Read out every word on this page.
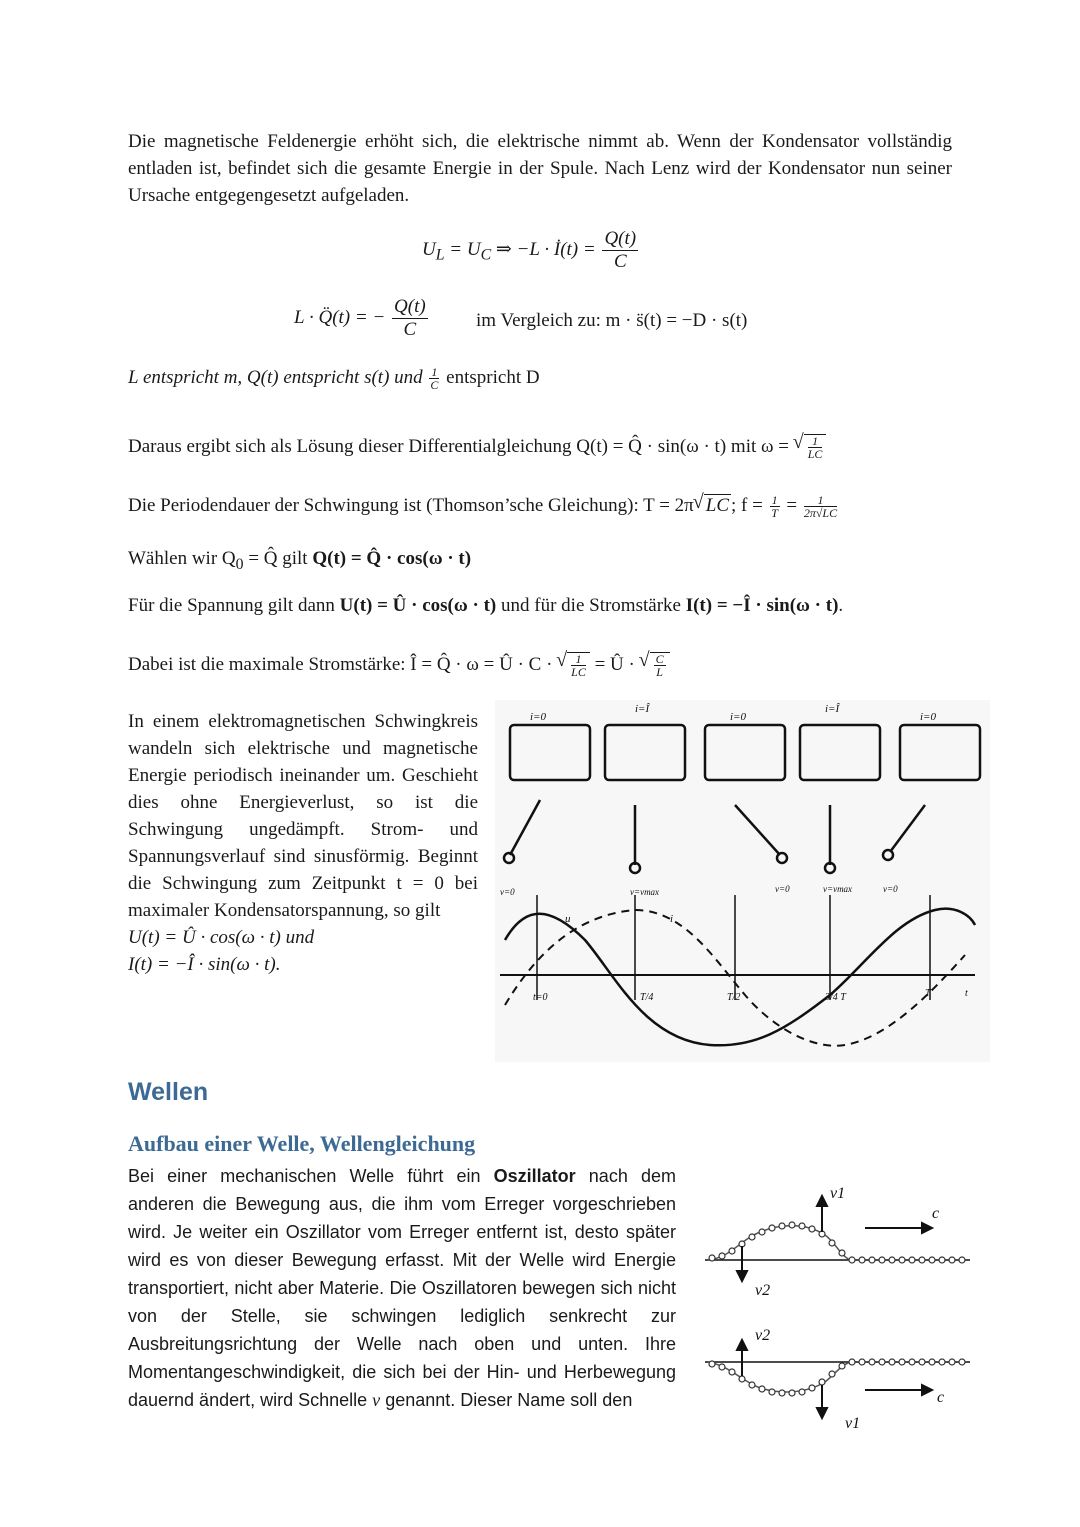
Die magnetische Feldenergie erhöht sich, die elektrische nimmt ab. Wenn der Kondensator vollständig entladen ist, befindet sich die gesamte Energie in der Spule. Nach Lenz wird der Kondensator nun seiner Ursache entgegengesetzt aufgeladen.
$U_L = U_C$ ⇒ −L · İ(t) = $\frac{Q(t)}{C}$
L · Q̈(t) = − $\frac{Q(t)}{C}$	im Vergleich zu: m · s̈(t) = −D · s(t)
L entspricht m, Q(t) entspricht s(t) und $\frac{1}{C}$ entspricht D
Daraus ergibt sich als Lösung dieser Differentialgleichung Q(t) = Q̂ · sin(ω · t) mit ω = √ $\frac{1}{LC}$
Die Periodendauer der Schwingung ist (Thomson’sche Gleichung): T = 2π √ LC ; $f = \frac{1}{T} = \frac{1}{2\pi√LC}$
Wählen wir $Q_0$ = Q̂ gilt Q(t) = Q̂ · cos(ω · t)
Für die Spannung gilt dann U(t) = Û · cos(ω · t) und für die Stromstärke I(t) = −Î · sin(ω · t).
Dabei ist die maximale Stromstärke: Î = Q̂ · ω = Û · C · √ $\frac{1}{LC}$ = Û · √ $\frac{C}{L}$
In einem elektromagnetischen Schwingkreis wandeln sich elektrische und magnetische Energie periodisch ineinander um. Geschieht dies ohne Energieverlust, so ist die Schwingung ungedämpft. Strom- und Spannungsverlauf sind sinusförmig. Beginnt die Schwingung zum Zeitpunkt t = 0 bei maximaler Kondensatorspannung, so gilt
U(t) = Û · cos(ω · t) und
I(t) = −Î · sin(ω · t).
i=0
i=Î
i=0
i=Î
i=0
v=0	v=vmax	v=0	v=vmax	v=0
t=0
u	i
T/4	T/2	3/4 T	T	t
Wellen
Aufbau einer Welle, Wellengleichung
Bei einer mechanischen Welle führt ein Oszillator nach dem anderen die Bewegung aus, die ihm vom Erreger vorgeschrieben wird. Je weiter ein Oszillator vom Erreger entfernt ist, desto später wird es von dieser Bewegung erfasst. Mit der Welle wird Energie transportiert, nicht aber Materie. Die Oszillatoren bewegen sich nicht von der Stelle, sie schwingen lediglich senkrecht zur Ausbreitungsrichtung der Welle nach oben und unten. Ihre Momentangeschwindigkeit, die sich bei der Hin- und Herbewegung dauernd ändert, wird Schnelle v genannt. Dieser Name soll den
v1
v2
c
v2
v1
c
